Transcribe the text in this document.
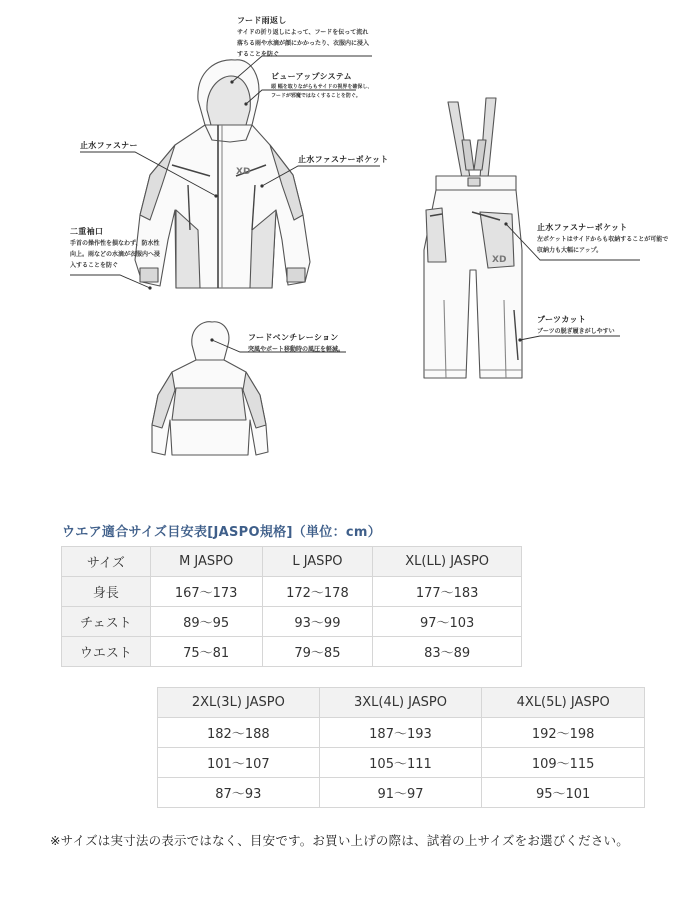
XD
XD
フード雨返し
サイドの折り返しによって、フードを伝って流れ
落ちる雨や水滴が顔にかかったり、衣服内に浸入
することを防ぐ
ビューアップシステム
頭 幅を取りながらもサイドの視界を確保し、
フードが邪魔ではなくすることを防ぐ。
止水ファスナー
止水ファスナーポケット
二重袖口
手首の操作性を損なわず、防水性
向上。雨などの水滴が衣服内へ浸
入することを防ぐ
フードベンチレーション
突風やボート移動時の風圧を軽減。
止水ファスナーポケット
左ポケットはサイドからも収納することが可能で
収納力も大幅にアップ。
ブーツカット
ブーツの脱ぎ履きがしやすい
ウエア適合サイズ目安表[JASPO規格]（単位：cm）
サイズ	M JASPO	L JASPO	XL(LL) JASPO
身長	167〜173	172〜178	177〜183
チェスト	89〜95	93〜99	97〜103
ウエスト	75〜81	79〜85	83〜89
2XL(3L) JASPO	3XL(4L) JASPO	4XL(5L) JASPO
182〜188	187〜193	192〜198
101〜107	105〜111	109〜115
87〜93	91〜97	95〜101
※サイズは実寸法の表示ではなく、目安です。お買い上げの際は、試着の上サイズをお選びください。
